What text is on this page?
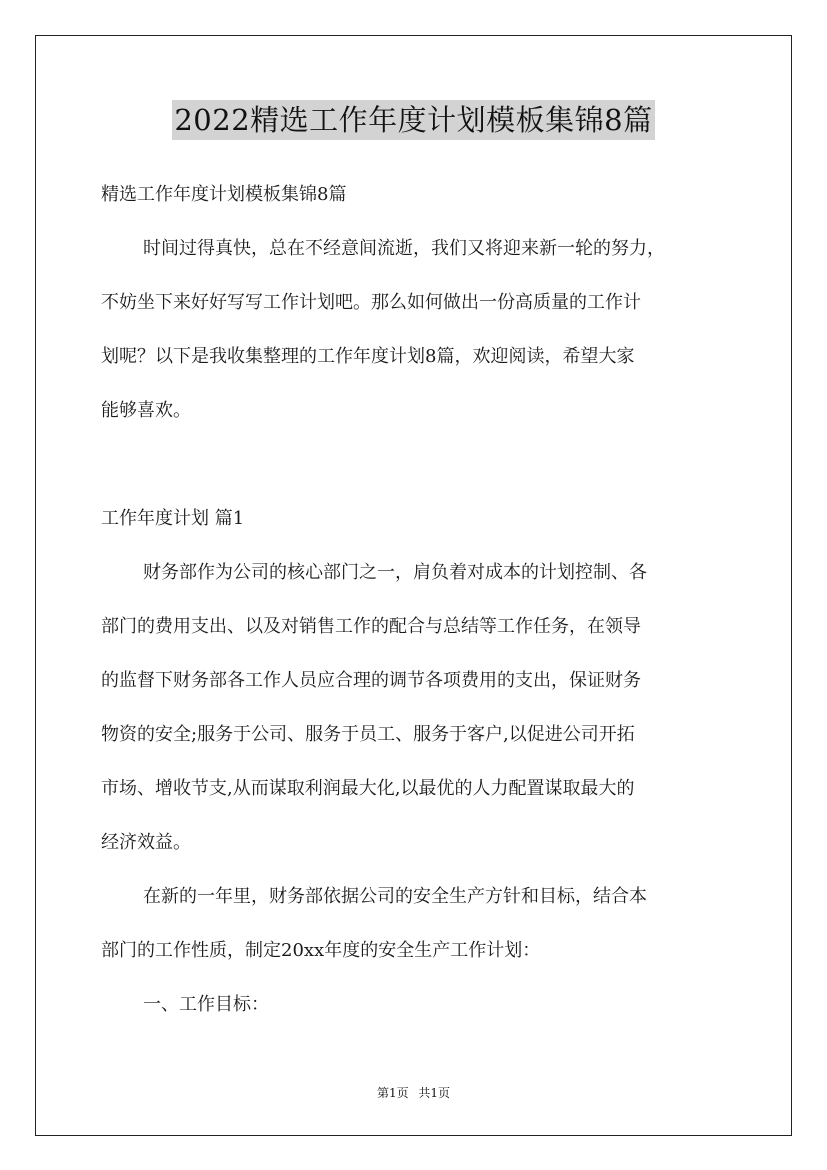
2022精选工作年度计划模板集锦8篇
精选工作年度计划模板集锦8篇
时间过得真快，总在不经意间流逝，我们又将迎来新一轮的努力，
不妨坐下来好好写写工作计划吧。那么如何做出一份高质量的工作计
划呢？以下是我收集整理的工作年度计划8篇，欢迎阅读，希望大家
能够喜欢。
工作年度计划 篇1
财务部作为公司的核心部门之一，肩负着对成本的计划控制、各
部门的费用支出、以及对销售工作的配合与总结等工作任务，在领导
的监督下财务部各工作人员应合理的调节各项费用的支出，保证财务
物资的安全;服务于公司、服务于员工、服务于客户,以促进公司开拓
市场、增收节支,从而谋取利润最大化,以最优的人力配置谋取最大的
经济效益。
在新的一年里，财务部依据公司的安全生产方针和目标，结合本
部门的工作性质，制定20xx年度的安全生产工作计划：
一、工作目标：
第1页 共1页
